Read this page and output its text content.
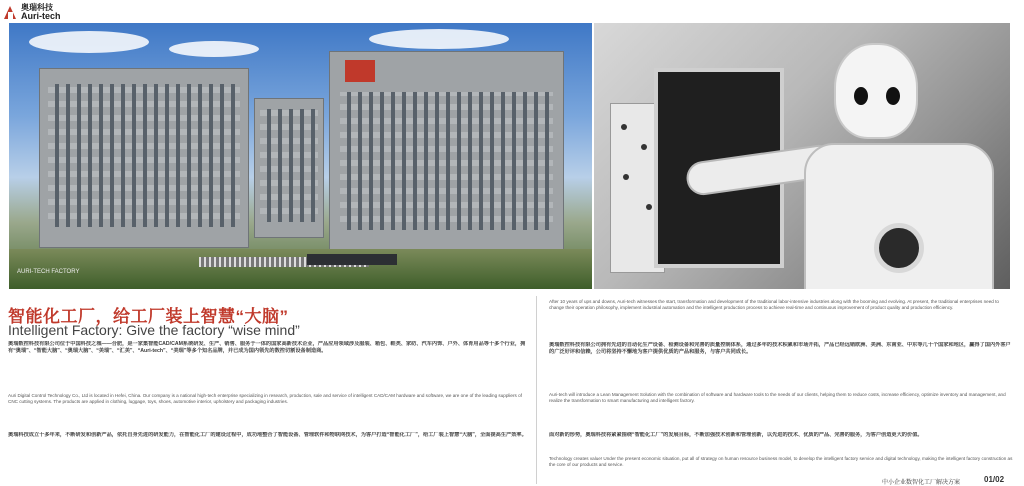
奥瑞科技
Auri-tech
AURI-TECH FACTORY
智能化工厂，给工厂装上智慧“大脑”
Intelligent Factory: Give the factory “wise mind”
奥瑞数控科技有限公司位于中国科技之城——合肥，是一家集智能CAD/CAM系统研发、生产、销售、服务于一体的国家高新技术企业，产品应用领域涉及服装、箱包、鞋类、家纺、汽车内饰、户外、体育用品等十多个行业，拥有“奥瑞”、“智能大脑”、“奥瑞大脑”、“美瑞”、“汇美”、“Auri-tech”、“美瑞”等多个知名品牌，并已成为国内领先的数控切割设备制造商。
Auri Digital Control Technology Co., Ltd is located in Hefei, China. Our company is a national high-tech enterprise specializing in research, production, sale and service of intelligent CAD/CAM hardware and software, we are one of the leading suppliers of CNC cutting systems. The products are applied in clothing, luggage, toys, shoes, automotive interior, upholstery and packaging industries.
奥瑞科技成立十多年来，不断研发和创新产品，依托自身先进的研发能力，在智能化工厂的建设过程中，成功地整合了智能设备、管理软件和物联网技术，为客户打造“智能化工厂”，给工厂装上智慧“大脑”，全面提高生产效率。
After 10 years of ups and downs, Auri-tech witnesses the start, transformation and development of the traditional labor-intensive industries along with the booming and evolving. At present, the traditional enterprises need to change their operation philosophy, implement industrial automation and the intelligent production process to achieve real-time and continuous improvement of product quality and production efficiency.
奥瑞数控科技有限公司拥有先进的自动化生产设备、检测设备和完善的质量控制体系，通过多年的技术积累和市场开拓，产品已经远销欧洲、美洲、东南亚、中东等几十个国家和地区，赢得了国内外客户的广泛好评和信赖，公司将坚持不懈地为客户提供优质的产品和服务，与客户共同成长。
Auri-tech will introduce a Lean Management Solution with the combination of software and hardware tools to the needs of our clients, helping them to reduce costs, increase efficiency, optimize inventory and management, and realize the transformation to smart manufacturing and intelligent factory.
面对新的形势，奥瑞科技将紧紧围绕“智能化工厂”的发展目标，不断加强技术创新和管理创新，以先进的技术、优质的产品、完善的服务，为客户创造更大的价值。
Technology creates value! Under the present economic situation, put all of strategy on human resource business model, to develop the intelligent factory service and digital technology, making the intelligent factory construction as the core of our products and service.
中小企业数智化工厂解决方案	01/02
